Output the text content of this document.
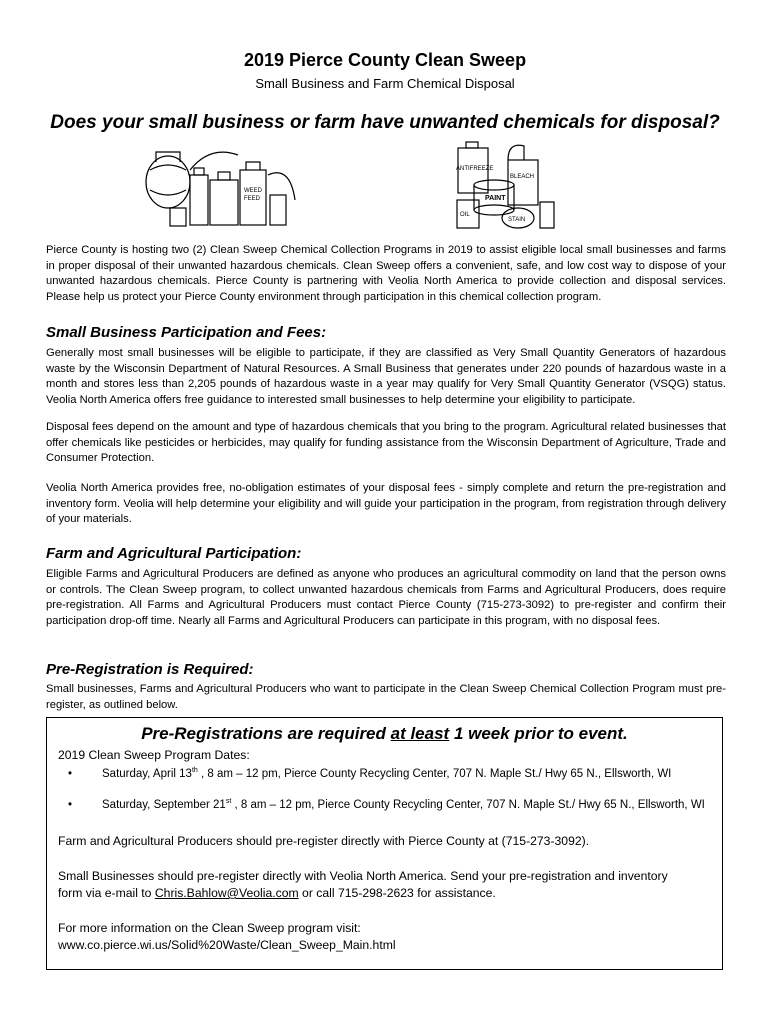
2019 Pierce County Clean Sweep

Small Business and Farm Chemical Disposal

Does your small business or farm have unwanted chemicals for disposal?
WEED
FEED
ANTIFREEZE
BLEACH
PAINT
OIL
STAIN

Pierce County is hosting two (2) Clean Sweep Chemical Collection Programs in 2019 to assist eligible local small businesses and farms in proper disposal of their unwanted hazardous chemicals. Clean Sweep offers a convenient, safe, and low cost way to dispose of your unwanted hazardous chemicals. Pierce County is partnering with Veolia North America to provide collection and disposal services. Please help us protect your Pierce County environment through participation in this chemical collection program.

Small Business Participation and Fees:

Generally most small businesses will be eligible to participate, if they are classified as Very Small Quantity Generators of hazardous waste by the Wisconsin Department of Natural Resources. A Small Business that generates under 220 pounds of hazardous waste in a month and stores less than 2,205 pounds of hazardous waste in a year may qualify for Very Small Quantity Generator (VSQG) status. Veolia North America offers free guidance to interested small businesses to help determine your eligibility to participate.

Disposal fees depend on the amount and type of hazardous chemicals that you bring to the program. Agricultural related businesses that offer chemicals like pesticides or herbicides, may qualify for funding assistance from the Wisconsin Department of Agriculture, Trade and Consumer Protection.

Veolia North America provides free, no-obligation estimates of your disposal fees - simply complete and return the pre-registration and inventory form. Veolia will help determine your eligibility and will guide your participation in the program, from registration through delivery of your materials.

Farm and Agricultural Participation:

Eligible Farms and Agricultural Producers are defined as anyone who produces an agricultural commodity on land that the person owns or controls. The Clean Sweep program, to collect unwanted hazardous chemicals from Farms and Agricultural Producers, does require pre-registration. All Farms and Agricultural Producers must contact Pierce County (715-273-3092) to pre-register and confirm their participation drop-off time. Nearly all Farms and Agricultural Producers can participate in this program, with no disposal fees.

Pre-Registration is Required:

Small businesses, Farms and Agricultural Producers who want to participate in the Clean Sweep Chemical Collection Program must pre-register, as outlined below.

Pre-Registrations are required at least 1 week prior to event.

2019 Clean Sweep Program Dates:

•	Saturday, April 13th , 8 am – 12 pm, Pierce County Recycling Center, 707 N. Maple St./ Hwy 65 N., Ellsworth, WI
•	Saturday, September 21st , 8 am – 12 pm, Pierce County Recycling Center, 707 N. Maple St./ Hwy 65 N., Ellsworth, WI

Farm and Agricultural Producers should pre-register directly with Pierce County at (715-273-3092).

Small Businesses should pre-register directly with Veolia North America. Send your pre-registration and inventory

form via e-mail to Chris.Bahlow@Veolia.com or call 715-298-2623 for assistance.

For more information on the Clean Sweep program visit:

www.co.pierce.wi.us/Solid%20Waste/Clean_Sweep_Main.html
